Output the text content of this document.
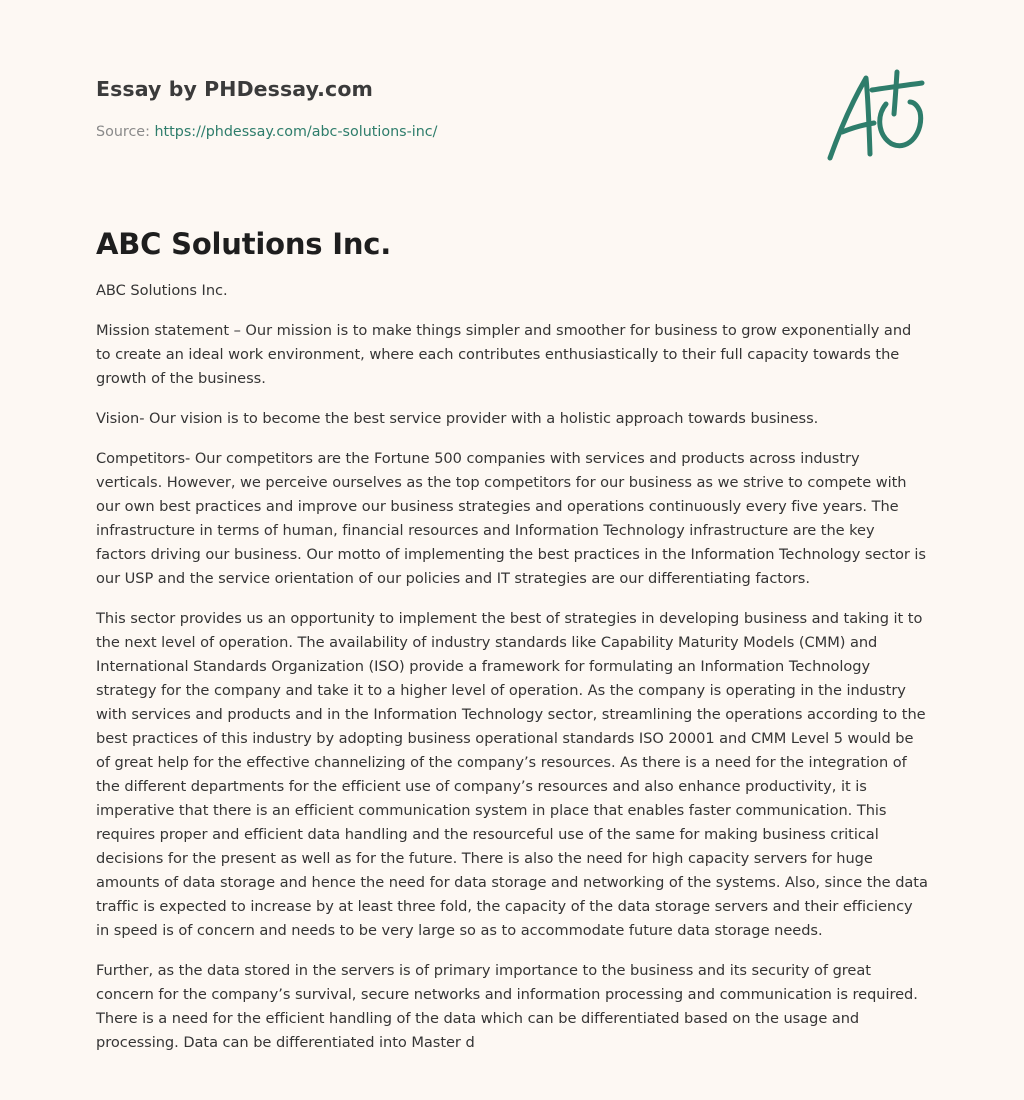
Essay by PHDessay.com
Source: https://phdessay.com/abc-solutions-inc/
ABC Solutions Inc.

ABC Solutions Inc.

Mission statement – Our mission is to make things simpler and smoother for business to grow exponentially and to create an ideal work environment, where each contributes enthusiastically to their full capacity towards the growth of the business.

Vision- Our vision is to become the best service provider with a holistic approach towards business.

Competitors- Our competitors are the Fortune 500 companies with services and products across industry verticals. However, we perceive ourselves as the top competitors for our business as we strive to compete with our own best practices and improve our business strategies and operations continuously every five years. The infrastructure in terms of human, financial resources and Information Technology infrastructure are the key factors driving our business. Our motto of implementing the best practices in the Information Technology sector is our USP and the service orientation of our policies and IT strategies are our differentiating factors.

This sector provides us an opportunity to implement the best of strategies in developing business and taking it to the next level of operation. The availability of industry standards like Capability Maturity Models (CMM) and International Standards Organization (ISO) provide a framework for formulating an Information Technology strategy for the company and take it to a higher level of operation. As the company is operating in the industry with services and products and in the Information Technology sector, streamlining the operations according to the best practices of this industry by adopting business operational standards ISO 20001 and CMM Level 5 would be of great help for the effective channelizing of the company’s resources. As there is a need for the integration of the different departments for the efficient use of company’s resources and also enhance productivity, it is imperative that there is an efficient communication system in place that enables faster communication. This requires proper and efficient data handling and the resourceful use of the same for making business critical decisions for the present as well as for the future. There is also the need for high capacity servers for huge amounts of data storage and hence the need for data storage and networking of the systems. Also, since the data traffic is expected to increase by at least three fold, the capacity of the data storage servers and their efficiency in speed is of concern and needs to be very large so as to accommodate future data storage needs.

Further, as the data stored in the servers is of primary importance to the business and its security of great concern for the company’s survival, secure networks and information processing and communication is required. There is a need for the efficient handling of the data which can be differentiated based on the usage and processing. Data can be differentiated into Master d
